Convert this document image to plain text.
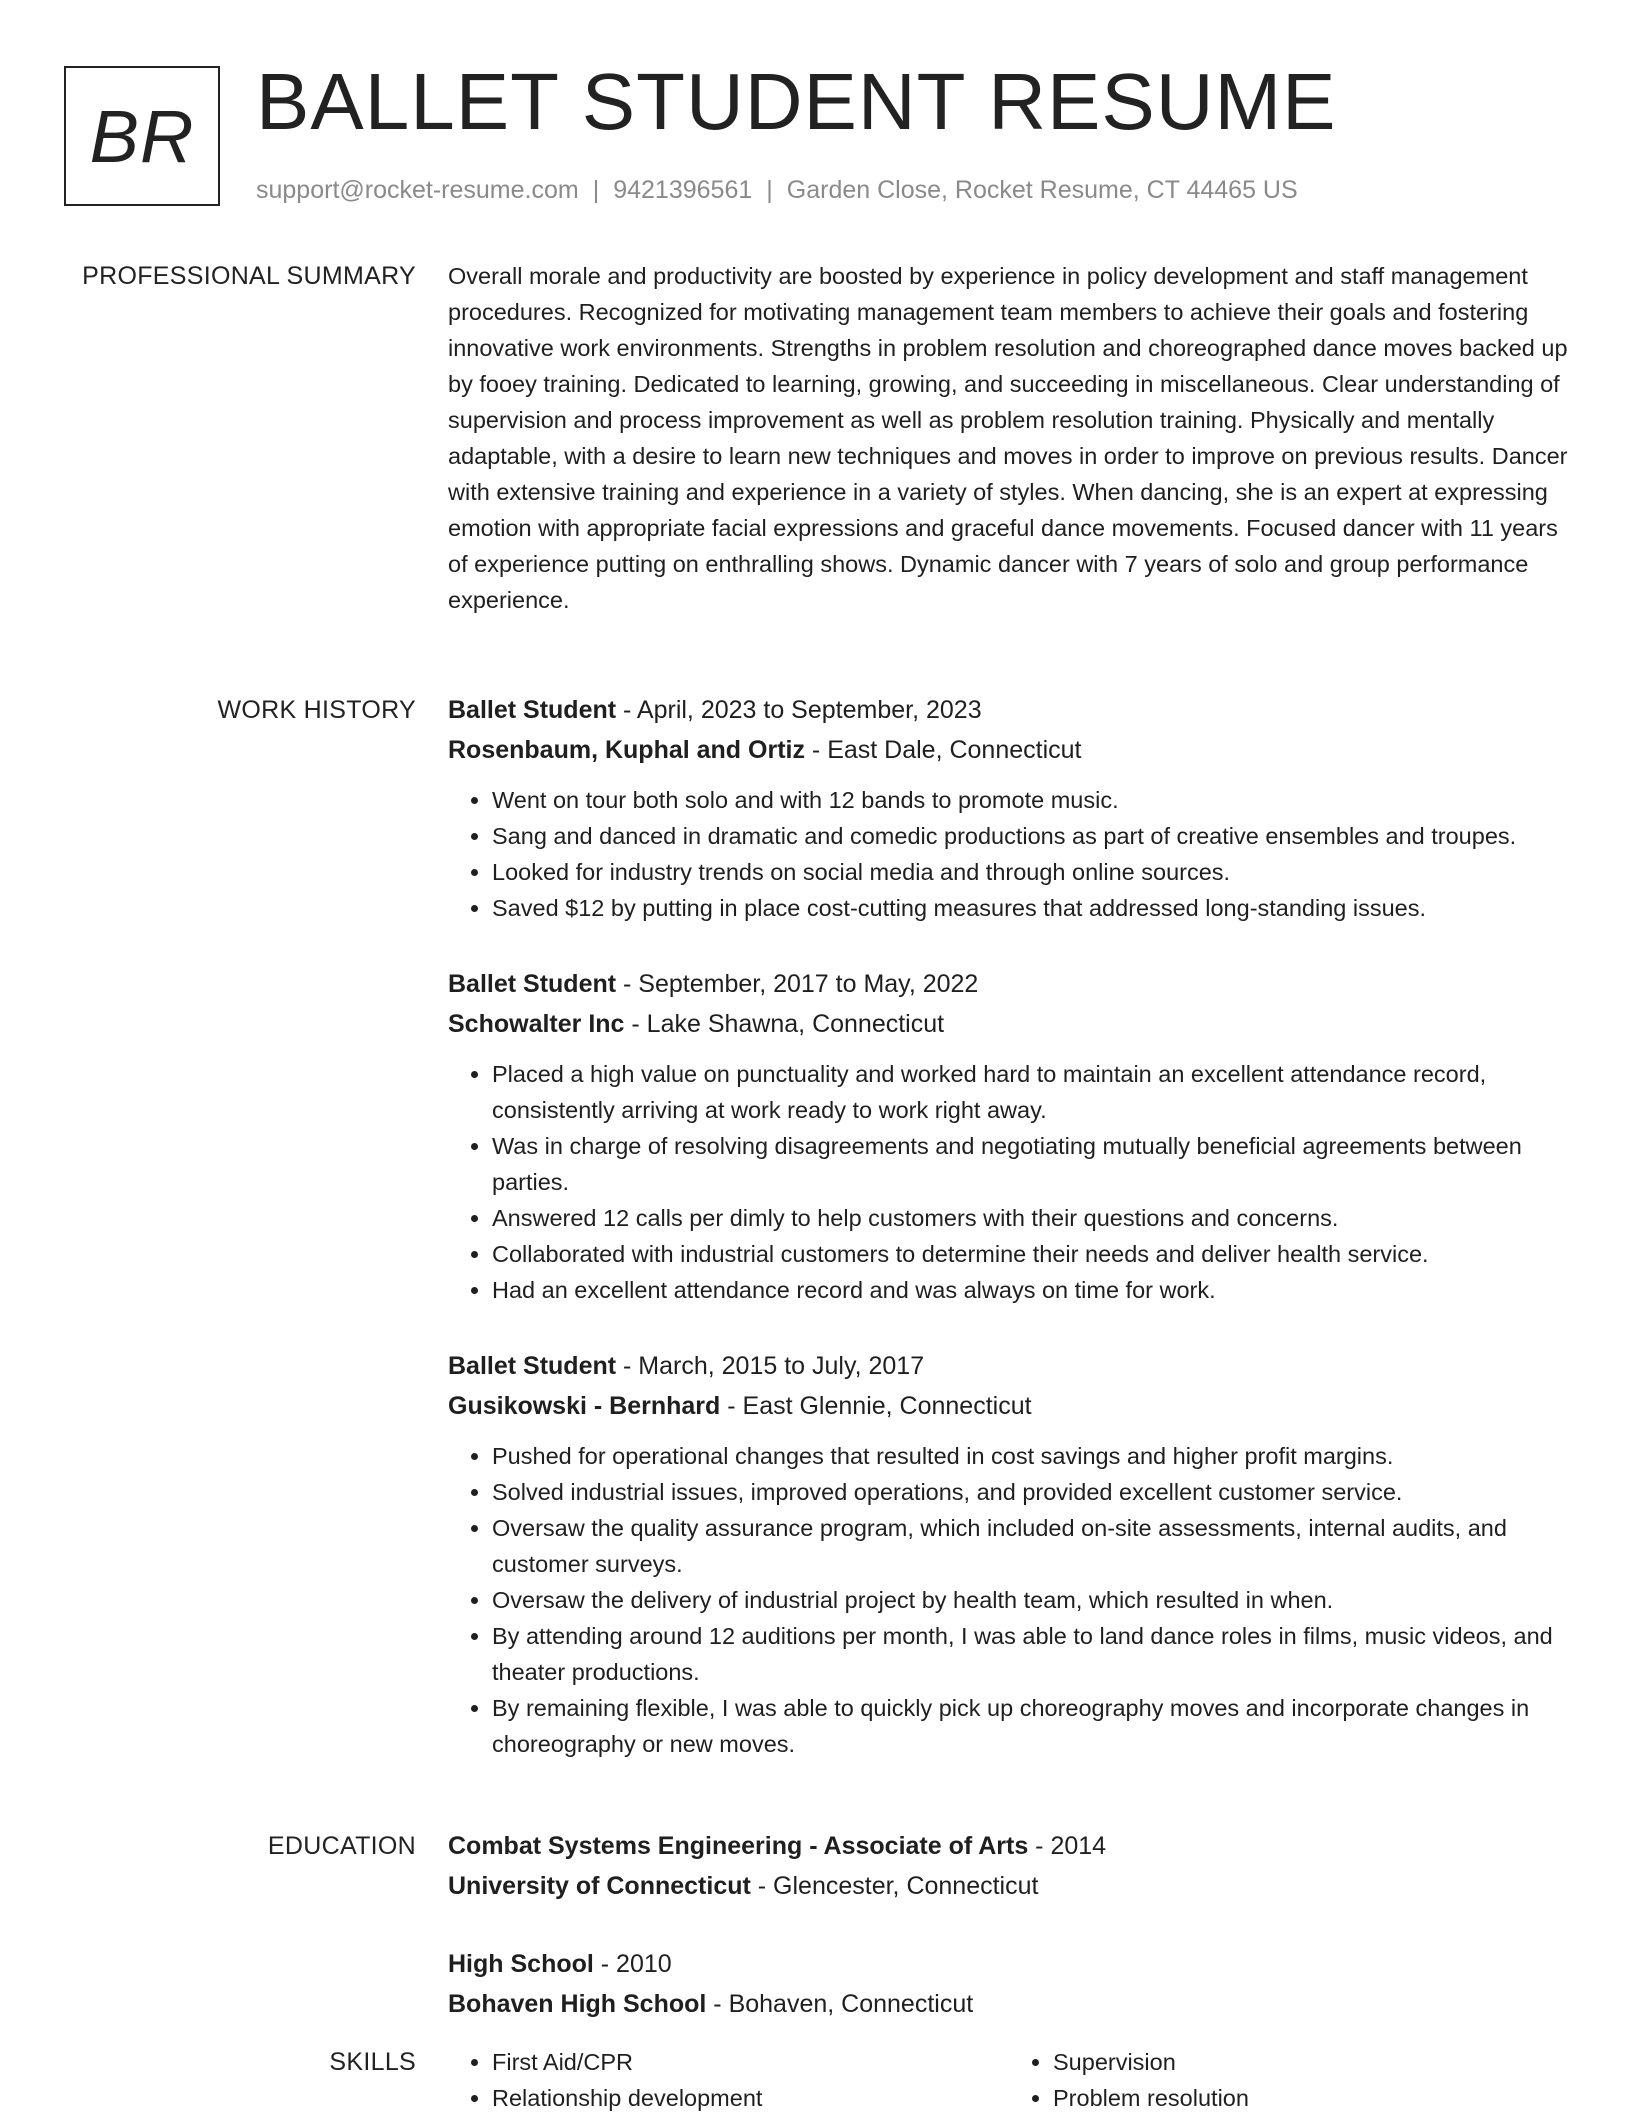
BR BALLET STUDENT RESUME
support@rocket-resume.com | 9421396561 | Garden Close, Rocket Resume, CT 44465 US
PROFESSIONAL SUMMARY Overall morale and productivity are boosted by experience in policy development and staff management procedures. Recognized for motivating management team members to achieve their goals and fostering innovative work environments. Strengths in problem resolution and choreographed dance moves backed up by fooey training. Dedicated to learning, growing, and succeeding in miscellaneous. Clear understanding of supervision and process improvement as well as problem resolution training. Physically and mentally adaptable, with a desire to learn new techniques and moves in order to improve on previous results. Dancer with extensive training and experience in a variety of styles. When dancing, she is an expert at expressing emotion with appropriate facial expressions and graceful dance movements. Focused dancer with 11 years of experience putting on enthralling shows. Dynamic dancer with 7 years of solo and group performance experience.

WORK HISTORY Ballet Student - April, 2023 to September, 2023
Rosenbaum, Kuphal and Ortiz - East Dale, Connecticut
• Went on tour both solo and with 12 bands to promote music.
• Sang and danced in dramatic and comedic productions as part of creative ensembles and troupes.
• Looked for industry trends on social media and through online sources.
• Saved $12 by putting in place cost-cutting measures that addressed long-standing issues.
Ballet Student - September, 2017 to May, 2022
Schowalter Inc - Lake Shawna, Connecticut
• Placed a high value on punctuality and worked hard to maintain an excellent attendance record, consistently arriving at work ready to work right away.
• Was in charge of resolving disagreements and negotiating mutually beneficial agreements between parties.
• Answered 12 calls per dimly to help customers with their questions and concerns.
• Collaborated with industrial customers to determine their needs and deliver health service.
• Had an excellent attendance record and was always on time for work.
Ballet Student - March, 2015 to July, 2017
Gusikowski - Bernhard - East Glennie, Connecticut
• Pushed for operational changes that resulted in cost savings and higher profit margins.
• Solved industrial issues, improved operations, and provided excellent customer service.
• Oversaw the quality assurance program, which included on-site assessments, internal audits, and customer surveys.
• Oversaw the delivery of industrial project by health team, which resulted in when.
• By attending around 12 auditions per month, I was able to land dance roles in films, music videos, and theater productions.
• By remaining flexible, I was able to quickly pick up choreography moves and incorporate changes in choreography or new moves.
EDUCATION Combat Systems Engineering - Associate of Arts - 2014
University of Connecticut - Glencester, Connecticut
High School - 2010
Bohaven High School - Bohaven, Connecticut
SKILLS
•	First Aid/CPR
• Relationship development
• Supervision
• Problem resolution
